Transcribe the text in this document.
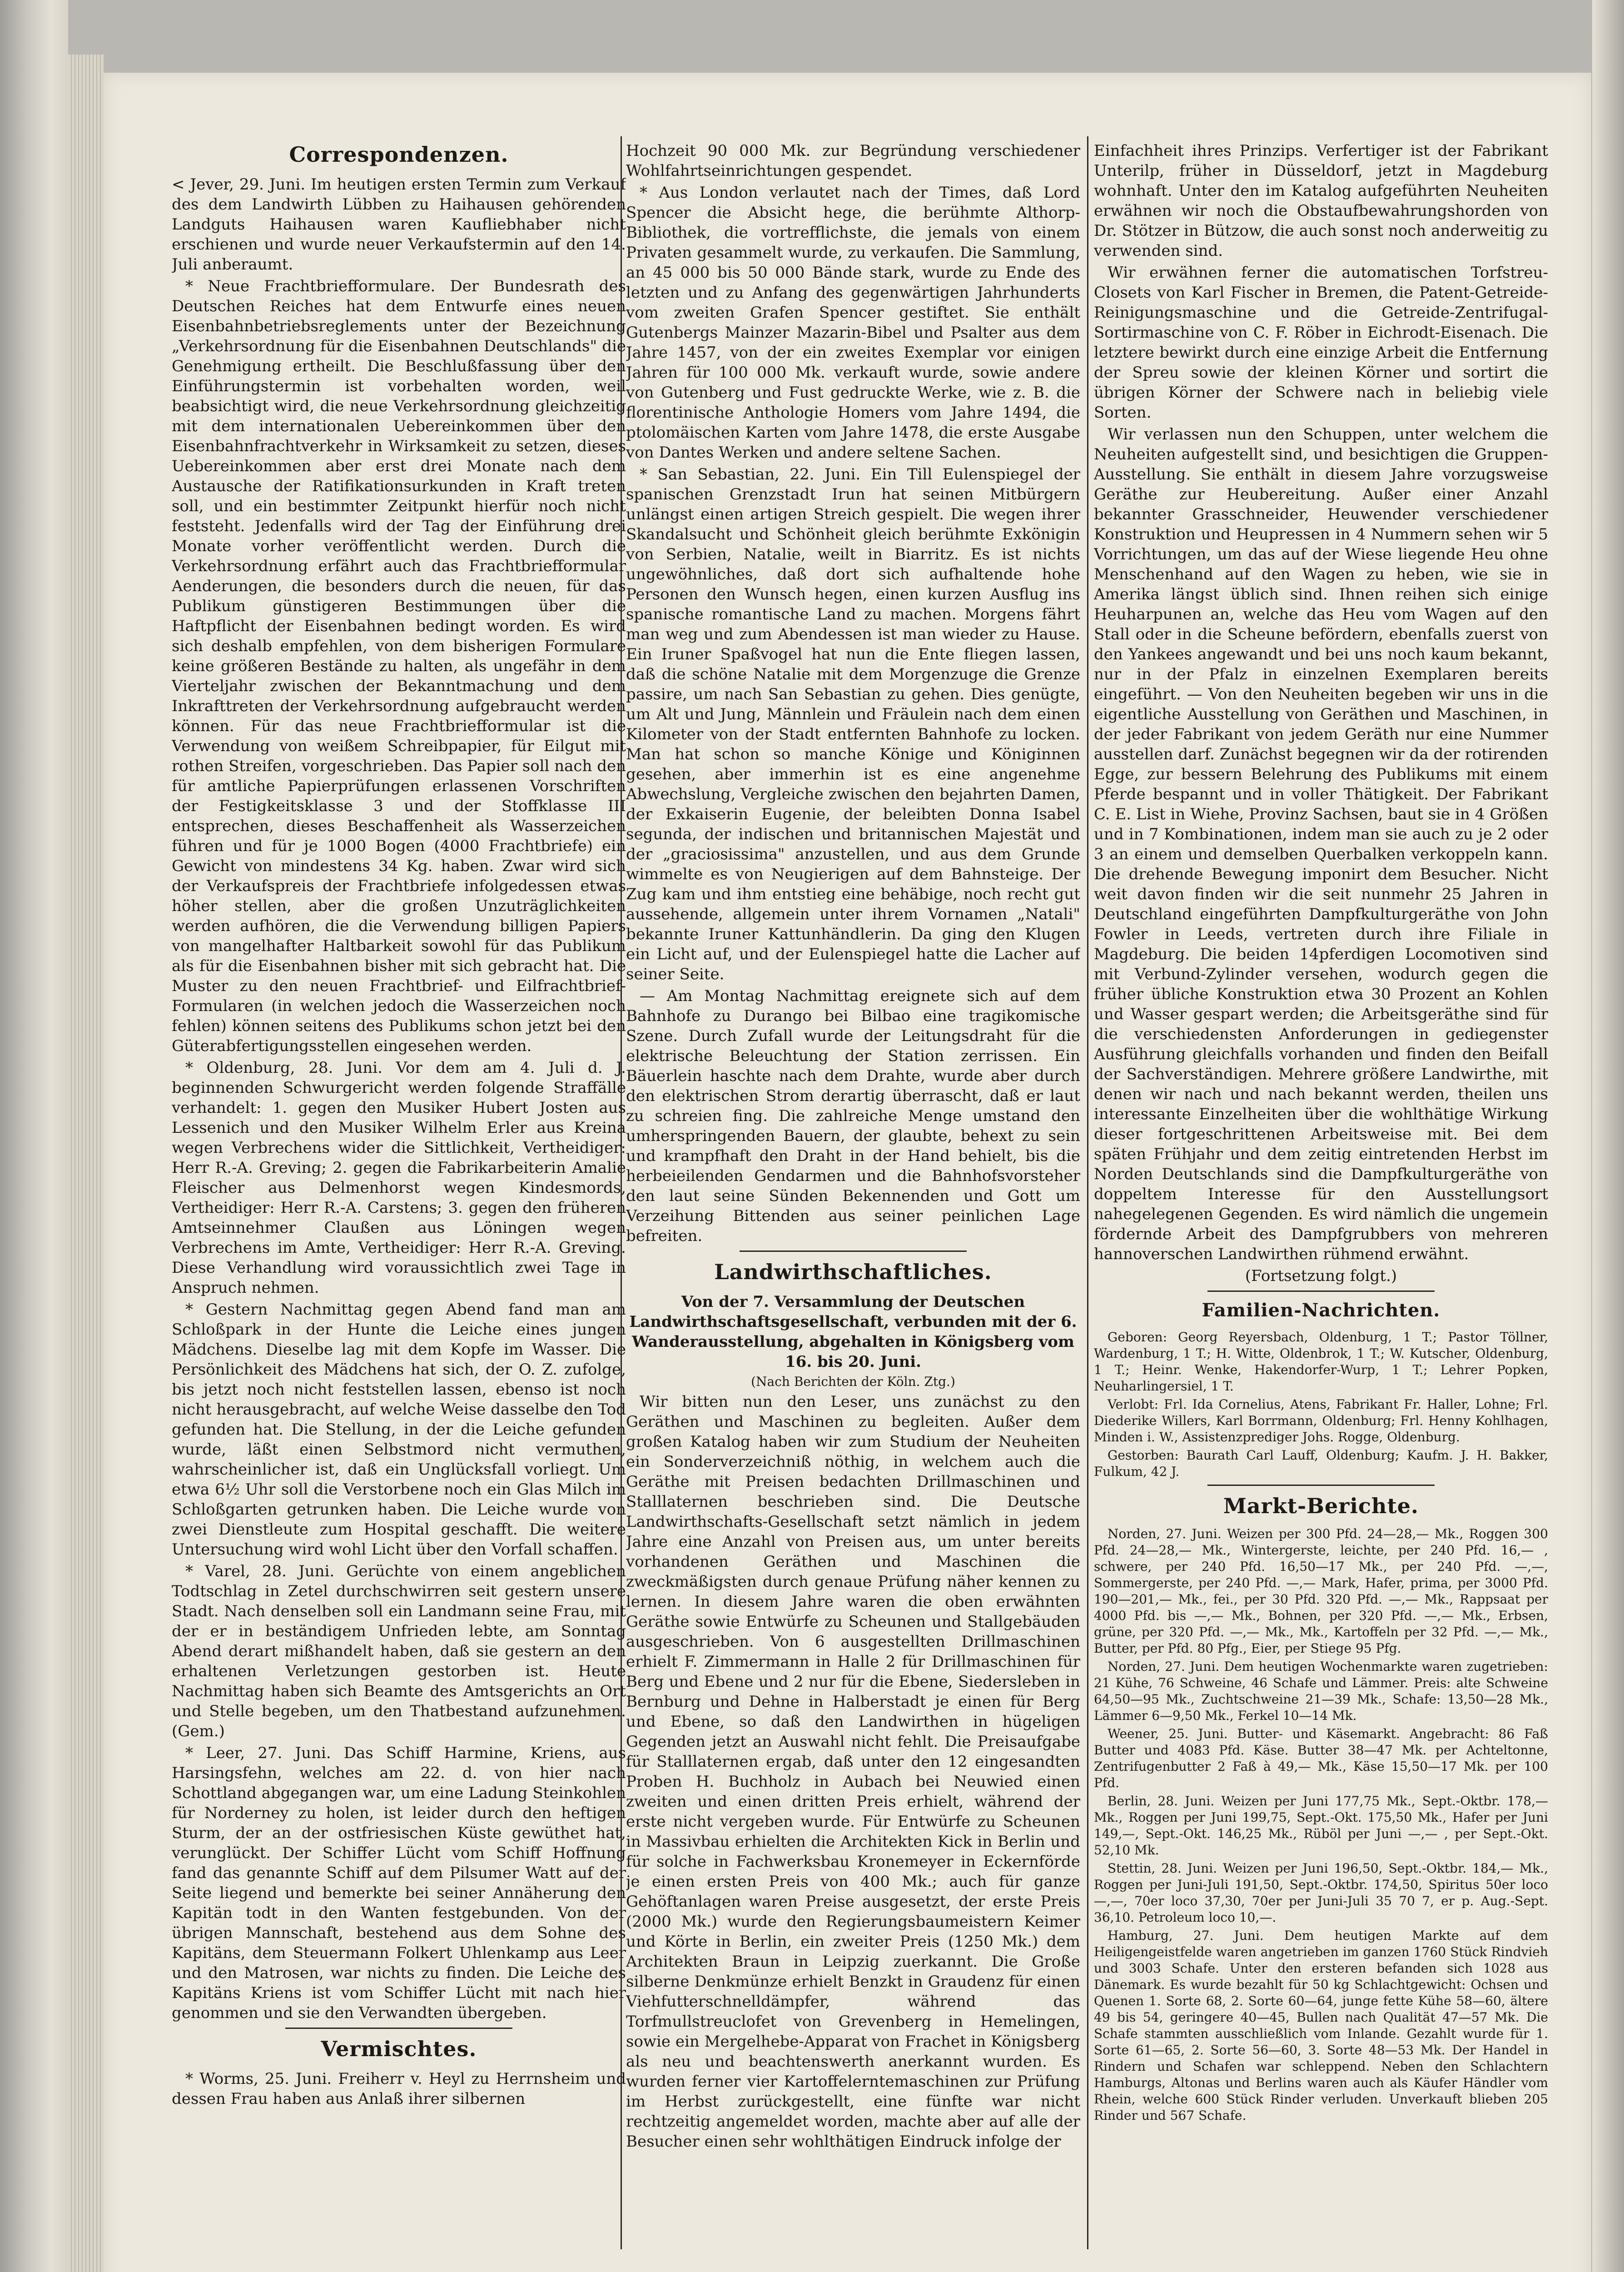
Correspondenzen.

< Jever, 29. Juni. Im heutigen ersten Termin zum Verkauf des dem Landwirth Lübben zu Haihausen gehörenden Landguts Haihausen waren Kaufliebhaber nicht erschienen und wurde neuer Verkaufstermin auf den 14. Juli anberaumt.

* Neue Frachtbriefformulare. Der Bundesrath des Deutschen Reiches hat dem Entwurfe eines neuen Eisenbahnbetriebsreglements unter der Bezeichnung „Verkehrsordnung für die Eisenbahnen Deutschlands" die Genehmigung ertheilt. Die Beschlußfassung über den Einführungstermin ist vorbehalten worden, weil beabsichtigt wird, die neue Verkehrsordnung gleichzeitig mit dem internationalen Uebereinkommen über den Eisenbahnfrachtverkehr in Wirksamkeit zu setzen, dieses Uebereinkommen aber erst drei Monate nach dem Austausche der Ratifikationsurkunden in Kraft treten soll, und ein bestimmter Zeitpunkt hierfür noch nicht feststeht. Jedenfalls wird der Tag der Einführung drei Monate vorher veröffentlicht werden. Durch die Verkehrsordnung erfährt auch das Frachtbriefformular Aenderungen, die besonders durch die neuen, für das Publikum günstigeren Bestimmungen über die Haftpflicht der Eisenbahnen bedingt worden. Es wird sich deshalb empfehlen, von dem bisherigen Formulare keine größeren Bestände zu halten, als ungefähr in dem Vierteljahr zwischen der Bekanntmachung und dem Inkrafttreten der Verkehrsordnung aufgebraucht werden können. Für das neue Frachtbriefformular ist die Verwendung von weißem Schreibpapier, für Eilgut mit rothen Streifen, vorgeschrieben. Das Papier soll nach den für amtliche Papierprüfungen erlassenen Vorschriften der Festigkeitsklasse 3 und der Stoffklasse III entsprechen, dieses Beschaffenheit als Wasserzeichen führen und für je 1000 Bogen (4000 Frachtbriefe) ein Gewicht von mindestens 34 Kg. haben. Zwar wird sich der Verkaufspreis der Frachtbriefe infolgedessen etwas höher stellen, aber die großen Unzuträglichkeiten werden aufhören, die die Verwendung billigen Papiers von mangelhafter Haltbarkeit sowohl für das Publikum als für die Eisenbahnen bisher mit sich gebracht hat. Die Muster zu den neuen Frachtbrief- und Eilfrachtbrief-Formularen (in welchen jedoch die Wasserzeichen noch fehlen) können seitens des Publikums schon jetzt bei den Güterabfertigungsstellen eingesehen werden.

* Oldenburg, 28. Juni. Vor dem am 4. Juli d. J. beginnenden Schwurgericht werden folgende Straffälle verhandelt: 1. gegen den Musiker Hubert Josten aus Lessenich und den Musiker Wilhelm Erler aus Kreina wegen Verbrechens wider die Sittlichkeit, Vertheidiger: Herr R.-A. Greving; 2. gegen die Fabrikarbeiterin Amalie Fleischer aus Delmenhorst wegen Kindesmords, Vertheidiger: Herr R.-A. Carstens; 3. gegen den früheren Amtseinnehmer Claußen aus Löningen wegen Verbrechens im Amte, Vertheidiger: Herr R.-A. Greving. Diese Verhandlung wird voraussichtlich zwei Tage in Anspruch nehmen.

* Gestern Nachmittag gegen Abend fand man am Schloßpark in der Hunte die Leiche eines jungen Mädchens. Dieselbe lag mit dem Kopfe im Wasser. Die Persönlichkeit des Mädchens hat sich, der O. Z. zufolge, bis jetzt noch nicht feststellen lassen, ebenso ist noch nicht herausgebracht, auf welche Weise dasselbe den Tod gefunden hat. Die Stellung, in der die Leiche gefunden wurde, läßt einen Selbstmord nicht vermuthen, wahrscheinlicher ist, daß ein Unglücksfall vorliegt. Um etwa 6½ Uhr soll die Verstorbene noch ein Glas Milch im Schloßgarten getrunken haben. Die Leiche wurde von zwei Dienstleute zum Hospital geschafft. Die weitere Untersuchung wird wohl Licht über den Vorfall schaffen.

* Varel, 28. Juni. Gerüchte von einem angeblichen Todtschlag in Zetel durchschwirren seit gestern unsere Stadt. Nach denselben soll ein Landmann seine Frau, mit der er in beständigem Unfrieden lebte, am Sonntag Abend derart mißhandelt haben, daß sie gestern an den erhaltenen Verletzungen gestorben ist. Heute Nachmittag haben sich Beamte des Amtsgerichts an Ort und Stelle begeben, um den Thatbestand aufzunehmen. (Gem.)

* Leer, 27. Juni. Das Schiff Harmine, Kriens, aus Harsingsfehn, welches am 22. d. von hier nach Schottland abgegangen war, um eine Ladung Steinkohlen für Norderney zu holen, ist leider durch den heftigen Sturm, der an der ostfriesischen Küste gewüthet hat, verunglückt. Der Schiffer Lücht vom Schiff Hoffnung fand das genannte Schiff auf dem Pilsumer Watt auf der Seite liegend und bemerkte bei seiner Annäherung den Kapitän todt in den Wanten festgebunden. Von der übrigen Mannschaft, bestehend aus dem Sohne des Kapitäns, dem Steuermann Folkert Uhlenkamp aus Leer und den Matrosen, war nichts zu finden. Die Leiche des Kapitäns Kriens ist vom Schiffer Lücht mit nach hier genommen und sie den Verwandten übergeben.

Vermischtes.

* Worms, 25. Juni. Freiherr v. Heyl zu Herrnsheim und dessen Frau haben aus Anlaß ihrer silbernen

Hochzeit 90 000 Mk. zur Begründung verschiedener Wohlfahrtseinrichtungen gespendet.

* Aus London verlautet nach der Times, daß Lord Spencer die Absicht hege, die berühmte Althorp-Bibliothek, die vortrefflichste, die jemals von einem Privaten gesammelt wurde, zu verkaufen. Die Sammlung, an 45 000 bis 50 000 Bände stark, wurde zu Ende des letzten und zu Anfang des gegenwärtigen Jahrhunderts vom zweiten Grafen Spencer gestiftet. Sie enthält Gutenbergs Mainzer Mazarin-Bibel und Psalter aus dem Jahre 1457, von der ein zweites Exemplar vor einigen Jahren für 100 000 Mk. verkauft wurde, sowie andere von Gutenberg und Fust gedruckte Werke, wie z. B. die florentinische Anthologie Homers vom Jahre 1494, die ptolomäischen Karten vom Jahre 1478, die erste Ausgabe von Dantes Werken und andere seltene Sachen.

* San Sebastian, 22. Juni. Ein Till Eulenspiegel der spanischen Grenzstadt Irun hat seinen Mitbürgern unlängst einen artigen Streich gespielt. Die wegen ihrer Skandalsucht und Schönheit gleich berühmte Exkönigin von Serbien, Natalie, weilt in Biarritz. Es ist nichts ungewöhnliches, daß dort sich aufhaltende hohe Personen den Wunsch hegen, einen kurzen Ausflug ins spanische romantische Land zu machen. Morgens fährt man weg und zum Abendessen ist man wieder zu Hause. Ein Iruner Spaßvogel hat nun die Ente fliegen lassen, daß die schöne Natalie mit dem Morgenzuge die Grenze passire, um nach San Sebastian zu gehen. Dies genügte, um Alt und Jung, Männlein und Fräulein nach dem einen Kilometer von der Stadt entfernten Bahnhofe zu locken. Man hat schon so manche Könige und Königinnen gesehen, aber immerhin ist es eine angenehme Abwechslung, Vergleiche zwischen den bejahrten Damen, der Exkaiserin Eugenie, der beleibten Donna Isabel segunda, der indischen und britannischen Majestät und der „graciosissima" anzustellen, und aus dem Grunde wimmelte es von Neugierigen auf dem Bahnsteige. Der Zug kam und ihm entstieg eine behäbige, noch recht gut aussehende, allgemein unter ihrem Vornamen „Natali" bekannte Iruner Kattunhändlerin. Da ging den Klugen ein Licht auf, und der Eulenspiegel hatte die Lacher auf seiner Seite.

— Am Montag Nachmittag ereignete sich auf dem Bahnhofe zu Durango bei Bilbao eine tragikomische Szene. Durch Zufall wurde der Leitungsdraht für die elektrische Beleuchtung der Station zerrissen. Ein Bäuerlein haschte nach dem Drahte, wurde aber durch den elektrischen Strom derartig überrascht, daß er laut zu schreien fing. Die zahlreiche Menge umstand den umherspringenden Bauern, der glaubte, behext zu sein und krampfhaft den Draht in der Hand behielt, bis die herbeieilenden Gendarmen und die Bahnhofsvorsteher den laut seine Sünden Bekennenden und Gott um Verzeihung Bittenden aus seiner peinlichen Lage befreiten.

Landwirthschaftliches.

Von der 7. Versammlung der Deutschen Landwirthschaftsgesellschaft, verbunden mit der 6. Wanderausstellung, abgehalten in Königsberg vom 16. bis 20. Juni.

(Nach Berichten der Köln. Ztg.)

Wir bitten nun den Leser, uns zunächst zu den Geräthen und Maschinen zu begleiten. Außer dem großen Katalog haben wir zum Studium der Neuheiten ein Sonderverzeichniß nöthig, in welchem auch die Geräthe mit Preisen bedachten Drillmaschinen und Stalllaternen beschrieben sind. Die Deutsche Landwirthschafts-Gesellschaft setzt nämlich in jedem Jahre eine Anzahl von Preisen aus, um unter bereits vorhandenen Geräthen und Maschinen die zweckmäßigsten durch genaue Prüfung näher kennen zu lernen. In diesem Jahre waren die oben erwähnten Geräthe sowie Entwürfe zu Scheunen und Stallgebäuden ausgeschrieben. Von 6 ausgestellten Drillmaschinen erhielt F. Zimmermann in Halle 2 für Drillmaschinen für Berg und Ebene und 2 nur für die Ebene, Siedersleben in Bernburg und Dehne in Halberstadt je einen für Berg und Ebene, so daß den Landwirthen in hügeligen Gegenden jetzt an Auswahl nicht fehlt. Die Preisaufgabe für Stalllaternen ergab, daß unter den 12 eingesandten Proben H. Buchholz in Aubach bei Neuwied einen zweiten und einen dritten Preis erhielt, während der erste nicht vergeben wurde. Für Entwürfe zu Scheunen in Massivbau erhielten die Architekten Kick in Berlin und für solche in Fachwerksbau Kronemeyer in Eckernförde je einen ersten Preis von 400 Mk.; auch für ganze Gehöftanlagen waren Preise ausgesetzt, der erste Preis (2000 Mk.) wurde den Regierungsbaumeistern Keimer und Körte in Berlin, ein zweiter Preis (1250 Mk.) dem Architekten Braun in Leipzig zuerkannt. Die Große silberne Denkmünze erhielt Benzkt in Graudenz für einen Viehfutterschnelldämpfer, während das Torfmullstreuclofet von Grevenberg in Hemelingen, sowie ein Mergelhebe-Apparat von Frachet in Königsberg als neu und beachtenswerth anerkannt wurden. Es wurden ferner vier Kartoffelerntemaschinen zur Prüfung im Herbst zurückgestellt, eine fünfte war nicht rechtzeitig angemeldet worden, machte aber auf alle der Besucher einen sehr wohlthätigen Eindruck infolge der

Einfachheit ihres Prinzips. Verfertiger ist der Fabrikant Unterilp, früher in Düsseldorf, jetzt in Magdeburg wohnhaft. Unter den im Katalog aufgeführten Neuheiten erwähnen wir noch die Obstaufbewahrungshorden von Dr. Stötzer in Bützow, die auch sonst noch anderweitig zu verwenden sind.

Wir erwähnen ferner die automatischen Torfstreu-Closets von Karl Fischer in Bremen, die Patent-Getreide-Reinigungsmaschine und die Getreide-Zentrifugal-Sortirmaschine von C. F. Röber in Eichrodt-Eisenach. Die letztere bewirkt durch eine einzige Arbeit die Entfernung der Spreu sowie der kleinen Körner und sortirt die übrigen Körner der Schwere nach in beliebig viele Sorten.

Wir verlassen nun den Schuppen, unter welchem die Neuheiten aufgestellt sind, und besichtigen die Gruppen-Ausstellung. Sie enthält in diesem Jahre vorzugsweise Geräthe zur Heubereitung. Außer einer Anzahl bekannter Grasschneider, Heuwender verschiedener Konstruktion und Heupressen in 4 Nummern sehen wir 5 Vorrichtungen, um das auf der Wiese liegende Heu ohne Menschenhand auf den Wagen zu heben, wie sie in Amerika längst üblich sind. Ihnen reihen sich einige Heuharpunen an, welche das Heu vom Wagen auf den Stall oder in die Scheune befördern, ebenfalls zuerst von den Yankees angewandt und bei uns noch kaum bekannt, nur in der Pfalz in einzelnen Exemplaren bereits eingeführt. — Von den Neuheiten begeben wir uns in die eigentliche Ausstellung von Geräthen und Maschinen, in der jeder Fabrikant von jedem Geräth nur eine Nummer ausstellen darf. Zunächst begegnen wir da der rotirenden Egge, zur bessern Belehrung des Publikums mit einem Pferde bespannt und in voller Thätigkeit. Der Fabrikant C. E. List in Wiehe, Provinz Sachsen, baut sie in 4 Größen und in 7 Kombinationen, indem man sie auch zu je 2 oder 3 an einem und demselben Querbalken verkoppeln kann. Die drehende Bewegung imponirt dem Besucher. Nicht weit davon finden wir die seit nunmehr 25 Jahren in Deutschland eingeführten Dampfkulturgeräthe von John Fowler in Leeds, vertreten durch ihre Filiale in Magdeburg. Die beiden 14pferdigen Locomotiven sind mit Verbund-Zylinder versehen, wodurch gegen die früher übliche Konstruktion etwa 30 Prozent an Kohlen und Wasser gespart werden; die Arbeitsgeräthe sind für die verschiedensten Anforderungen in gediegenster Ausführung gleichfalls vorhanden und finden den Beifall der Sachverständigen. Mehrere größere Landwirthe, mit denen wir nach und nach bekannt werden, theilen uns interessante Einzelheiten über die wohlthätige Wirkung dieser fortgeschrittenen Arbeitsweise mit. Bei dem späten Frühjahr und dem zeitig eintretenden Herbst im Norden Deutschlands sind die Dampfkulturgeräthe von doppeltem Interesse für den Ausstellungsort nahegelegenen Gegenden. Es wird nämlich die ungemein fördernde Arbeit des Dampfgrubbers von mehreren hannoverschen Landwirthen rühmend erwähnt.

(Fortsetzung folgt.)

Familien-Nachrichten.

Geboren: Georg Reyersbach, Oldenburg, 1 T.; Pastor Töllner, Wardenburg, 1 T.; H. Witte, Oldenbrok, 1 T.; W. Kutscher, Oldenburg, 1 T.; Heinr. Wenke, Hakendorfer-Wurp, 1 T.; Lehrer Popken, Neuharlingersiel, 1 T.

Verlobt: Frl. Ida Cornelius, Atens, Fabrikant Fr. Haller, Lohne; Frl. Diederike Willers, Karl Borrmann, Oldenburg; Frl. Henny Kohlhagen, Minden i. W., Assistenzprediger Johs. Rogge, Oldenburg.

Gestorben: Baurath Carl Lauff, Oldenburg; Kaufm. J. H. Bakker, Fulkum, 42 J.

Markt-Berichte.

Norden, 27. Juni. Weizen per 300 Pfd. 24—28,— Mk., Roggen 300 Pfd. 24—28,— Mk., Wintergerste, leichte, per 240 Pfd. 16,— , schwere, per 240 Pfd. 16,50—17 Mk., per 240 Pfd. —,—, Sommergerste, per 240 Pfd. —,— Mark, Hafer, prima, per 3000 Pfd. 190—201,— Mk., fei., per 30 Pfd. 320 Pfd. —,— Mk., Rappsaat per 4000 Pfd. bis —,— Mk., Bohnen, per 320 Pfd. —,— Mk., Erbsen, grüne, per 320 Pfd. —,— Mk., Mk., Kartoffeln per 32 Pfd. —,— Mk., Butter, per Pfd. 80 Pfg., Eier, per Stiege 95 Pfg.

Norden, 27. Juni. Dem heutigen Wochenmarkte waren zugetrieben: 21 Kühe, 76 Schweine, 46 Schafe und Lämmer. Preis: alte Schweine 64,50—95 Mk., Zuchtschweine 21—39 Mk., Schafe: 13,50—28 Mk., Lämmer 6—9,50 Mk., Ferkel 10—14 Mk.

Weener, 25. Juni. Butter- und Käsemarkt. Angebracht: 86 Faß Butter und 4083 Pfd. Käse. Butter 38—47 Mk. per Achteltonne, Zentrifugenbutter 2 Faß à 49,— Mk., Käse 15,50—17 Mk. per 100 Pfd.

Berlin, 28. Juni. Weizen per Juni 177,75 Mk., Sept.-Oktbr. 178,— Mk., Roggen per Juni 199,75, Sept.-Okt. 175,50 Mk., Hafer per Juni 149,—, Sept.-Okt. 146,25 Mk., Rüböl per Juni —,— , per Sept.-Okt. 52,10 Mk.

Stettin, 28. Juni. Weizen per Juni 196,50, Sept.-Oktbr. 184,— Mk., Roggen per Juni-Juli 191,50, Sept.-Oktbr. 174,50, Spiritus 50er loco —,—, 70er loco 37,30, 70er per Juni-Juli 35 70 7, er p. Aug.-Sept. 36,10. Petroleum loco 10,—.

Hamburg, 27. Juni. Dem heutigen Markte auf dem Heiligengeistfelde waren angetrieben im ganzen 1760 Stück Rindvieh und 3003 Schafe. Unter den ersteren befanden sich 1028 aus Dänemark. Es wurde bezahlt für 50 kg Schlachtgewicht: Ochsen und Quenen 1. Sorte 68, 2. Sorte 60—64, junge fette Kühe 58—60, ältere 49 bis 54, geringere 40—45, Bullen nach Qualität 47—57 Mk. Die Schafe stammten ausschließlich vom Inlande. Gezahlt wurde für 1. Sorte 61—65, 2. Sorte 56—60, 3. Sorte 48—53 Mk. Der Handel in Rindern und Schafen war schleppend. Neben den Schlachtern Hamburgs, Altonas und Berlins waren auch als Käufer Händler vom Rhein, welche 600 Stück Rinder verluden. Unverkauft blieben 205 Rinder und 567 Schafe.
